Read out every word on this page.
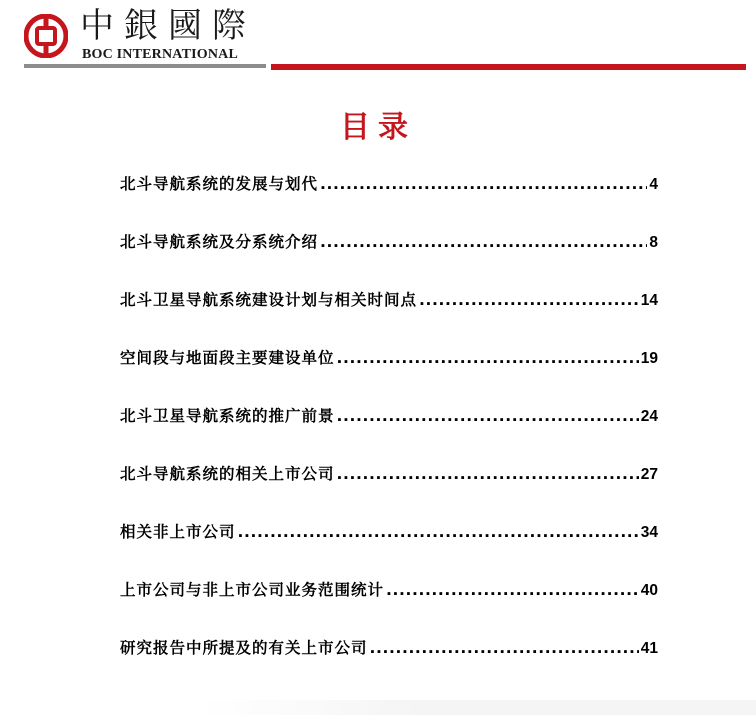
中銀國際
BOC INTERNATIONAL
目录
北斗导航系统的发展与划代 .....	4
北斗导航系统及分系统介绍 .....	8
北斗卫星导航系统建设计划与相关时间点 .....	14
空间段与地面段主要建设单位 .....	19
北斗卫星导航系统的推广前景 .....	24
北斗导航系统的相关上市公司 .....	27
相关非上市公司 .....	34
上市公司与非上市公司业务范围统计 .....	40
研究报告中所提及的有关上市公司 .....	41
